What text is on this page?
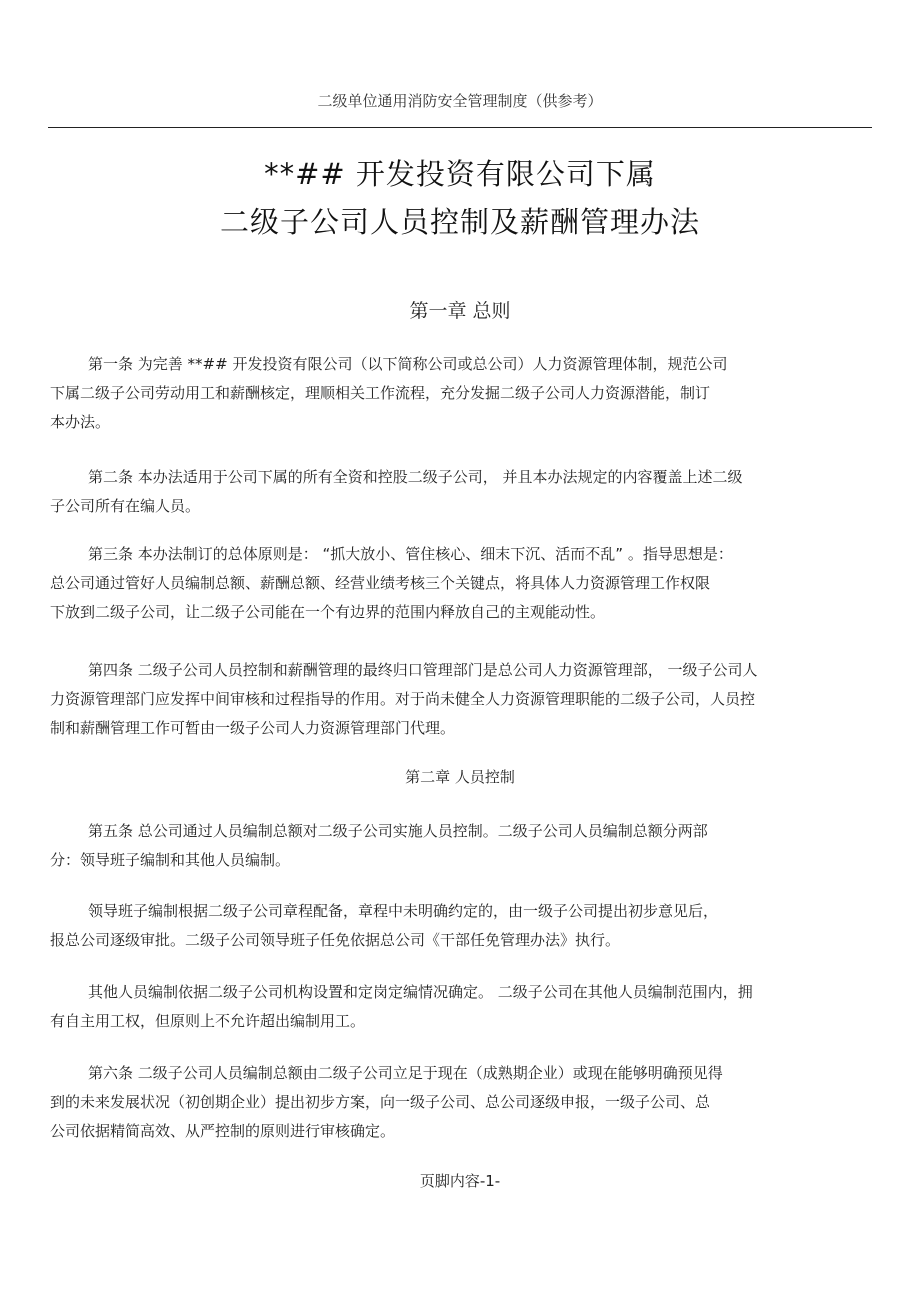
二级单位通用消防安全管理制度（供参考）
**## 开发投资有限公司下属
二级子公司人员控制及薪酬管理办法
第一章 总则
第一条 为完善 **## 开发投资有限公司（以下简称公司或总公司）人力资源管理体制，规范公司
下属二级子公司劳动用工和薪酬核定，理顺相关工作流程，充分发掘二级子公司人力资源潜能，制订
本办法。
第二条 本办法适用于公司下属的所有全资和控股二级子公司， 并且本办法规定的内容覆盖上述二级
子公司所有在编人员。
第三条 本办法制订的总体原则是： “抓大放小、管住核心、细末下沉、活而不乱” 。指导思想是：
总公司通过管好人员编制总额、薪酬总额、经营业绩考核三个关键点，将具体人力资源管理工作权限
下放到二级子公司，让二级子公司能在一个有边界的范围内释放自己的主观能动性。
第四条 二级子公司人员控制和薪酬管理的最终归口管理部门是总公司人力资源管理部， 一级子公司人
力资源管理部门应发挥中间审核和过程指导的作用。对于尚未健全人力资源管理职能的二级子公司，人员控
制和薪酬管理工作可暂由一级子公司人力资源管理部门代理。
第二章 人员控制
第五条 总公司通过人员编制总额对二级子公司实施人员控制。二级子公司人员编制总额分两部
分：领导班子编制和其他人员编制。
领导班子编制根据二级子公司章程配备，章程中未明确约定的，由一级子公司提出初步意见后，
报总公司逐级审批。二级子公司领导班子任免依据总公司《干部任免管理办法》执行。
其他人员编制依据二级子公司机构设置和定岗定编情况确定。 二级子公司在其他人员编制范围内，拥
有自主用工权，但原则上不允许超出编制用工。
第六条 二级子公司人员编制总额由二级子公司立足于现在（成熟期企业）或现在能够明确预见得
到的未来发展状况（初创期企业）提出初步方案，向一级子公司、总公司逐级申报，一级子公司、总
公司依据精简高效、从严控制的原则进行审核确定。
页脚内容-1-
